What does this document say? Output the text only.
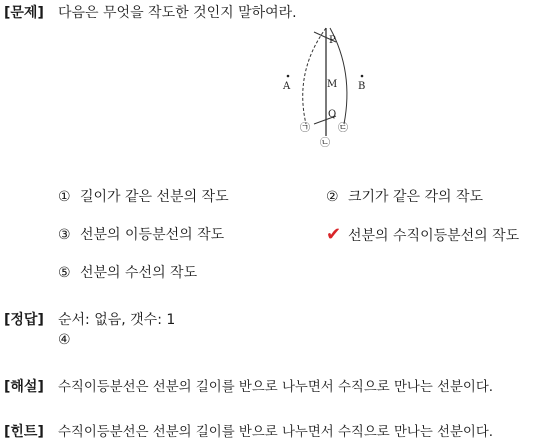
[문제] 다음은 무엇을 작도한 것인지 말하여라.
P
M
Q
A	B
㉠
㉡
㉢
① 길이가 같은 선분의 작도	② 크기가 같은 각의 작도
③ 선분의 이등분선의 작도	✔ 선분의 수직이등분선의 작도
⑤ 선분의 수선의 작도
[정답] 순서: 없음, 갯수: 1
④
[해설] 수직이등분선은 선분의 길이를 반으로 나누면서 수직으로 만나는 선분이다.
[힌트] 수직이등분선은 선분의 길이를 반으로 나누면서 수직으로 만나는 선분이다.
